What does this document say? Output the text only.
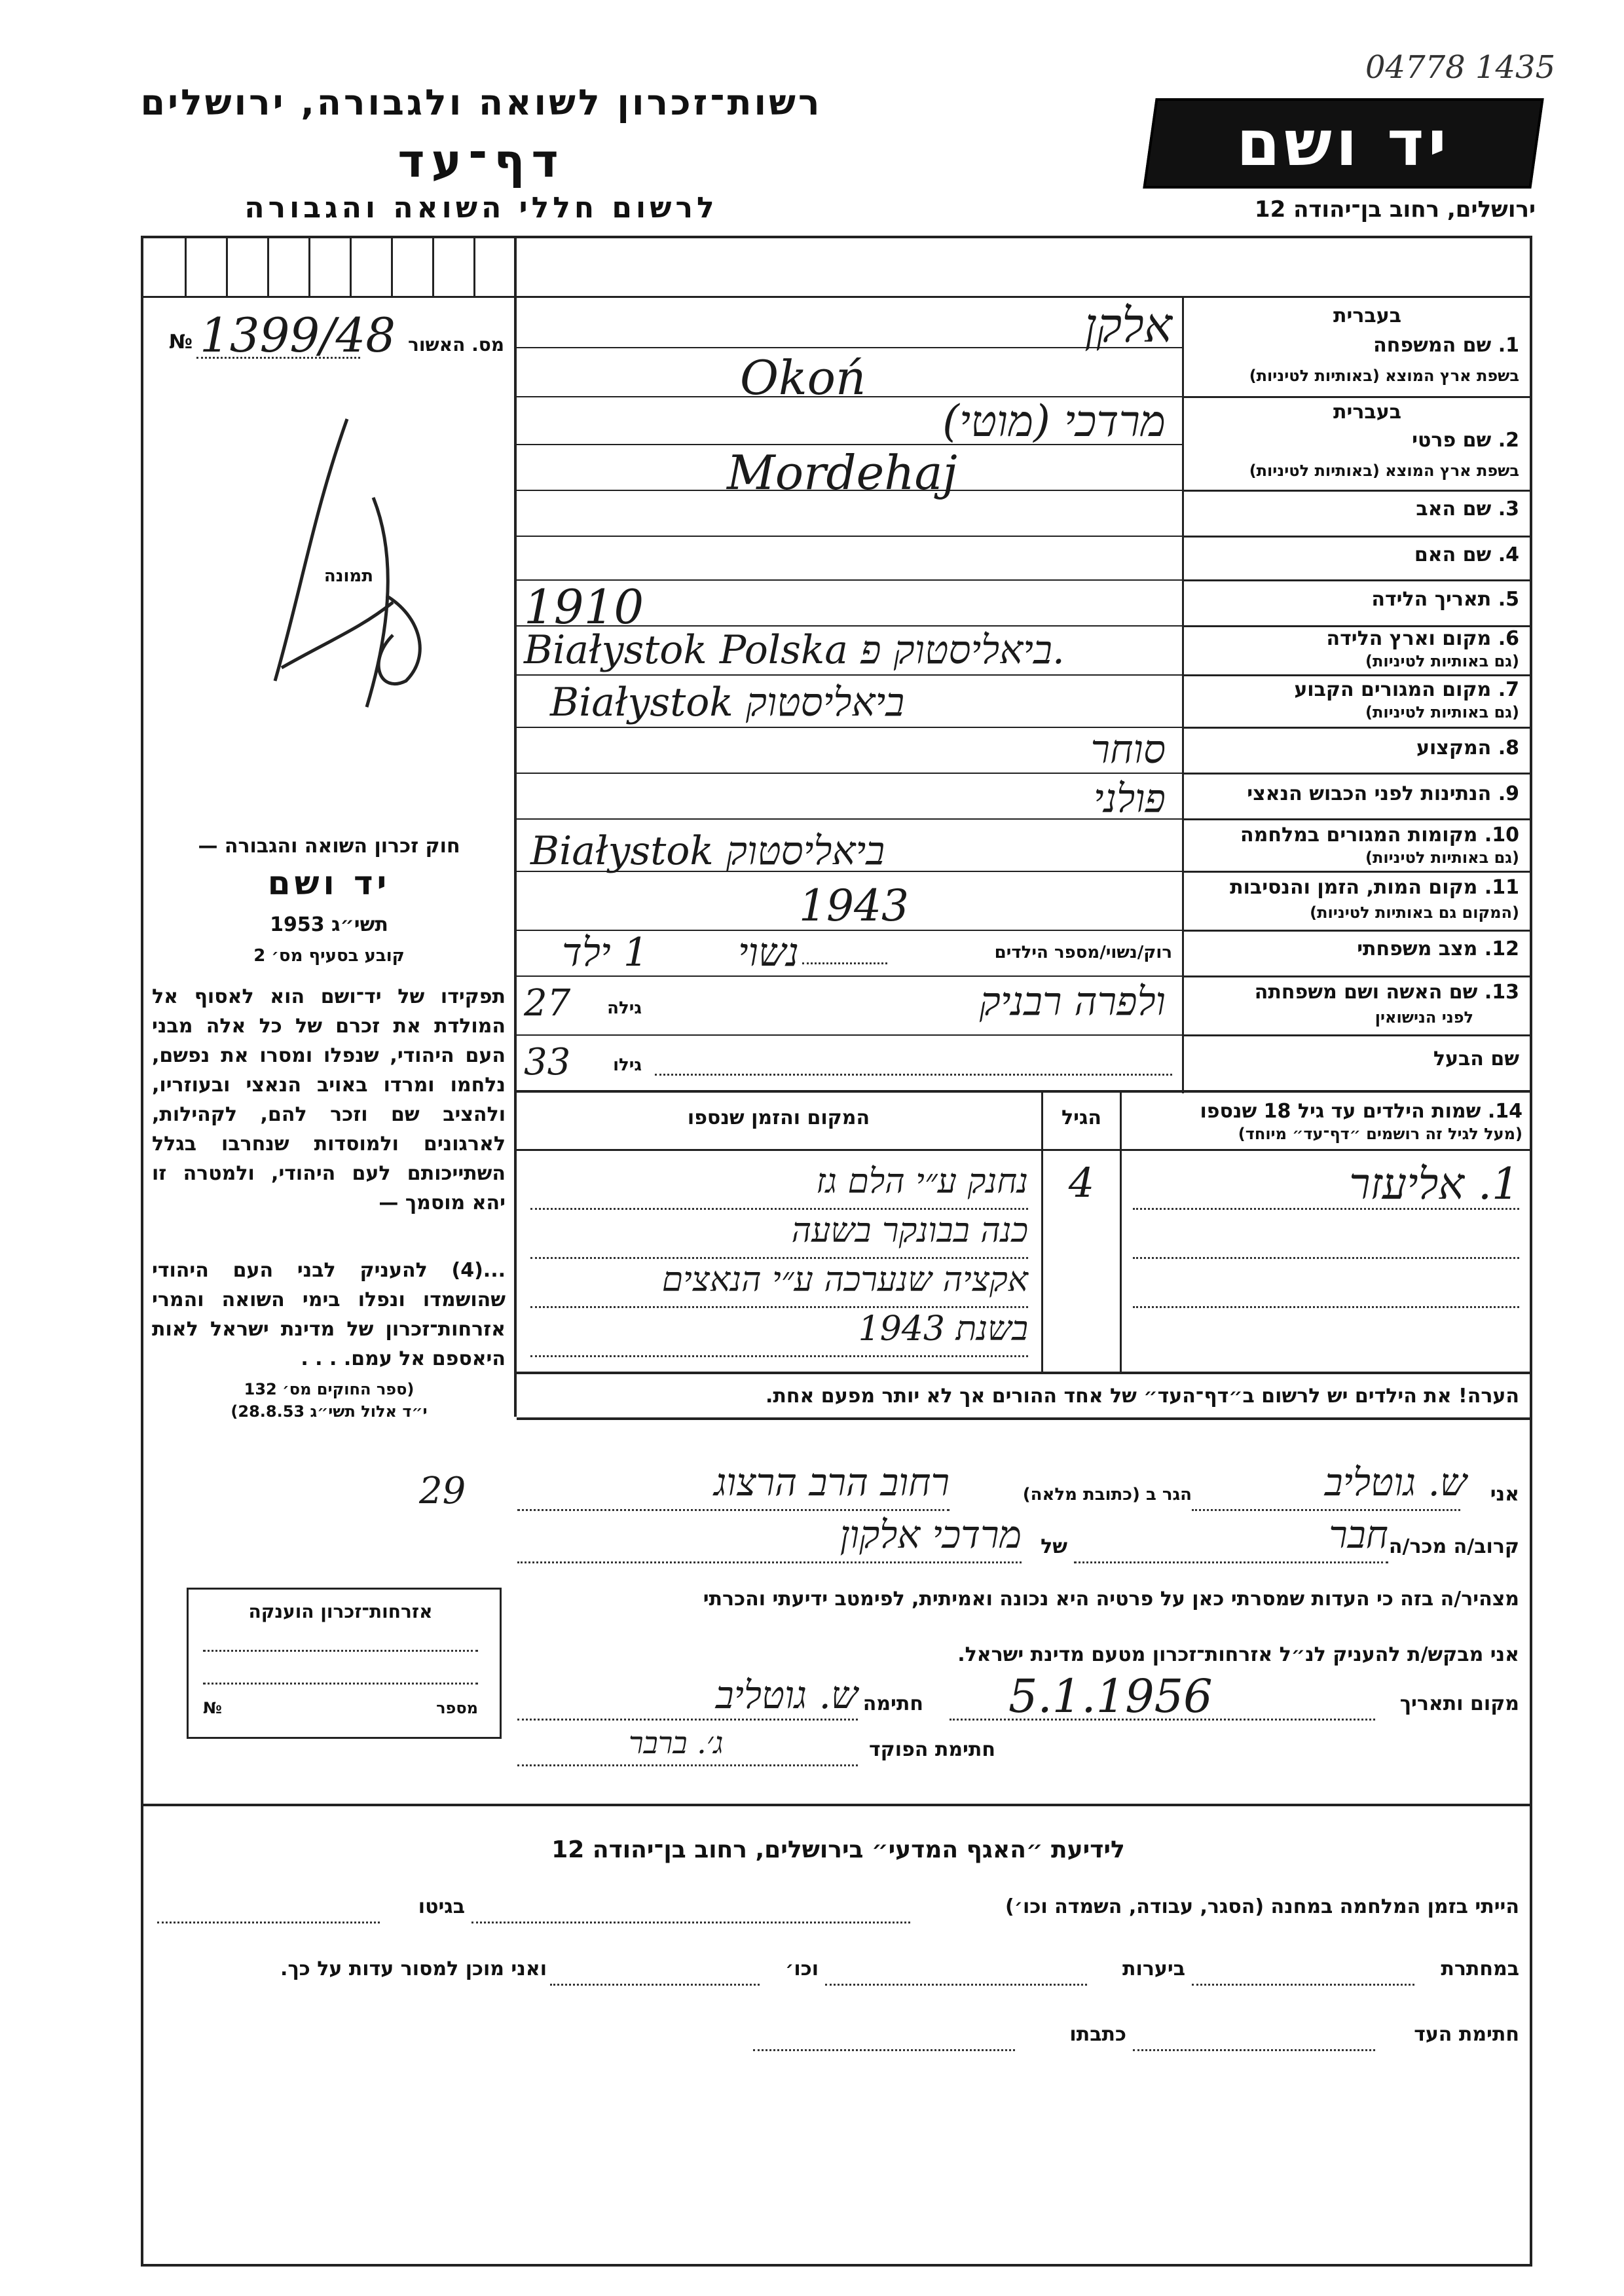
04778 1435
רשות־זכרון לשואה ולגבורה, ירושלים
דף־עד
לרשום חללי השואה והגבורה
יד ושם
ירושלים, רחוב בן־יהודה 12
מס. האשור
№ 1399/48
תמונה
חוק זכרון השואה והגבורה —
יד ושם
תשי״ג 1953
קובע בסעיף מס׳ 2
תפקידו של יד־ושם הוא לאסוף אל המולדת את זכרם של כל אלה מבני העם היהודי, שנפלו ומסרו את נפשם, נלחמו ומרדו באויב הנאצי ובעוזריו, ולהציב שם וזכר להם, לקהילות, לארגונים ולמוסדות שנחרבו בגלל השתייכותם לעם היהודי, ולמטרה זו יהא מוסמך —
...(4) להעניק לבני העם היהודי שהושמדו ונפלו בימי השואה והמרי אזרחות־זכרון של מדינת ישראל לאות היאספם אל עמם. . . .
(ספר החוקים מס׳ 132
י״ד אלול תשי״ג 28.8.53)
בעברית
1. שם המשפחה
בשפת ארץ המוצא (באותיות לטיניות)
אלקן
Okoń
בעברית
2. שם פרטי
בשפת ארץ המוצא (באותיות לטיניות)
מרדכי (מוטי)
Mordehaj
3. שם האב
4. שם האם
5. תאריך הלידה
1910
6. מקום וארץ הלידה
(גם באותיות לטיניות)
Białystok Polska ביאליסטוק פ.
7. מקום המגורים הקבוע
(גם באותיות לטיניות)
Białystok ביאליסטוק
8. המקצוע
סוחר
9. הנתינות לפני הכבוש הנאצי
פולני
10. מקומות המגורים במלחמה
(גם באותיות לטיניות)
Białystok ביאליסטוק
11. מקום המות, הזמן והנסיבות
(המקום גם באותיות לטיניות)
1943
12. מצב משפחתי
רוק/נשוי/מספר הילדים
נשוי
1 ילד
13. שם האשה ושם משפחתה
לפני הנישואין
ולפרה רבניק
גילה
27
שם הבעל
גילו
33
14. שמות הילדים עד גיל 18 שנספו
(מעל לגיל זה רושמים ״דף־עד״ מיוחד)
הגיל
המקום והזמן שנספו
1. אליעזר
4
נחנק ע״י הלם גז
כנה בבונקר בשעה
אקציה שנערכה ע״י הנאצים
בשנת 1943
הערה! את הילדים יש לרשום ב״דף־העד״ של אחד ההורים אך לא יותר מפעם אחת.
אזרחות־זכרון הוענקה
מספר
№
אני
ש. גוטליב
הגר ב (כתובת מלאה)
רחוב הרב הרצוג
29
קרוב/ה מכר/ה
חבר
של
מרדכי אלקון
מצהיר/ה בזה כי העדות שמסרתי כאן על פרטיה היא נכונה ואמיתית, לפימטב ידיעתי והכרתי
אני מבקש/ת להעניק לנ״ל אזרחות־זכרון מטעם מדינת ישראל.
מקום ותאריך
5.1.1956
חתימה
ש. גוטליב
חתימת הפוקד
ג׳. ברבר
לידיעת ״האגף המדעי״ בירושלים, רחוב בן־יהודה 12
הייתי בזמן המלחמה במחנה (הסגר, עבודה, השמדה וכו׳)
בגיטו
במחתרת
ביערות
וכו׳
ואני מוכן למסור עדות על כך.
חתימת העד
כתבתו
